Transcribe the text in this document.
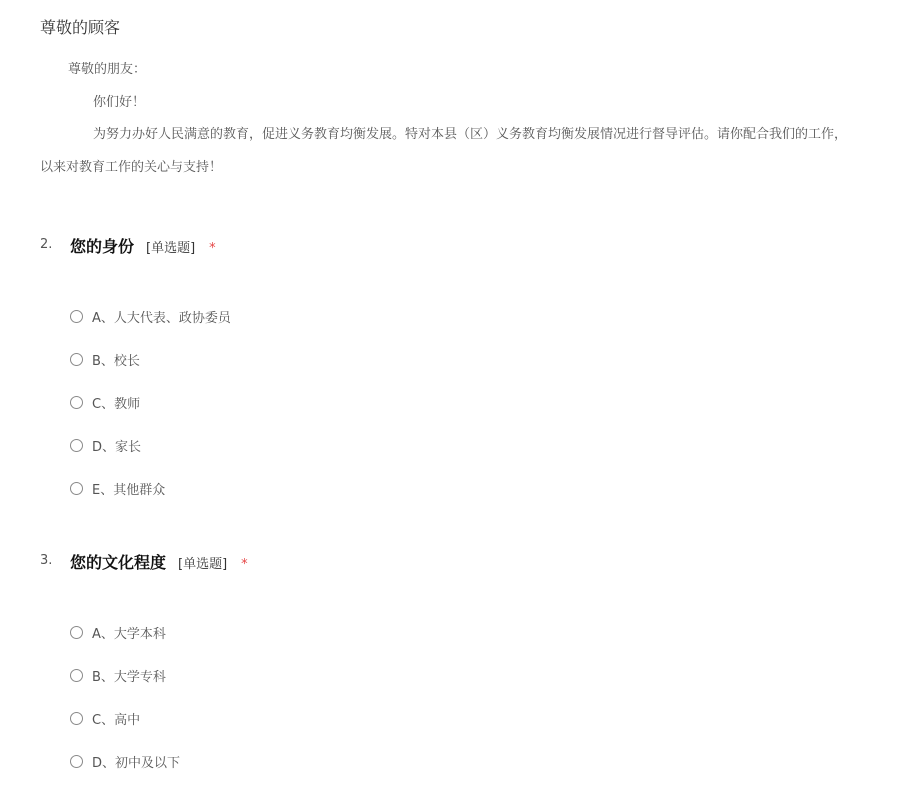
尊敬的顾客
尊敬的朋友：
你们好！
为努力办好人民满意的教育，促进义务教育均衡发展。特对本县（区）义务教育均衡发展情况进行督导评估。请你配合我们的工作，
以来对教育工作的关心与支持！
2. 您的身份 [单选题] *
A、人大代表、政协委员
B、校长
C、教师
D、家长
E、其他群众
3. 您的文化程度 [单选题] *
A、大学本科
B、大学专科
C、高中
D、初中及以下
